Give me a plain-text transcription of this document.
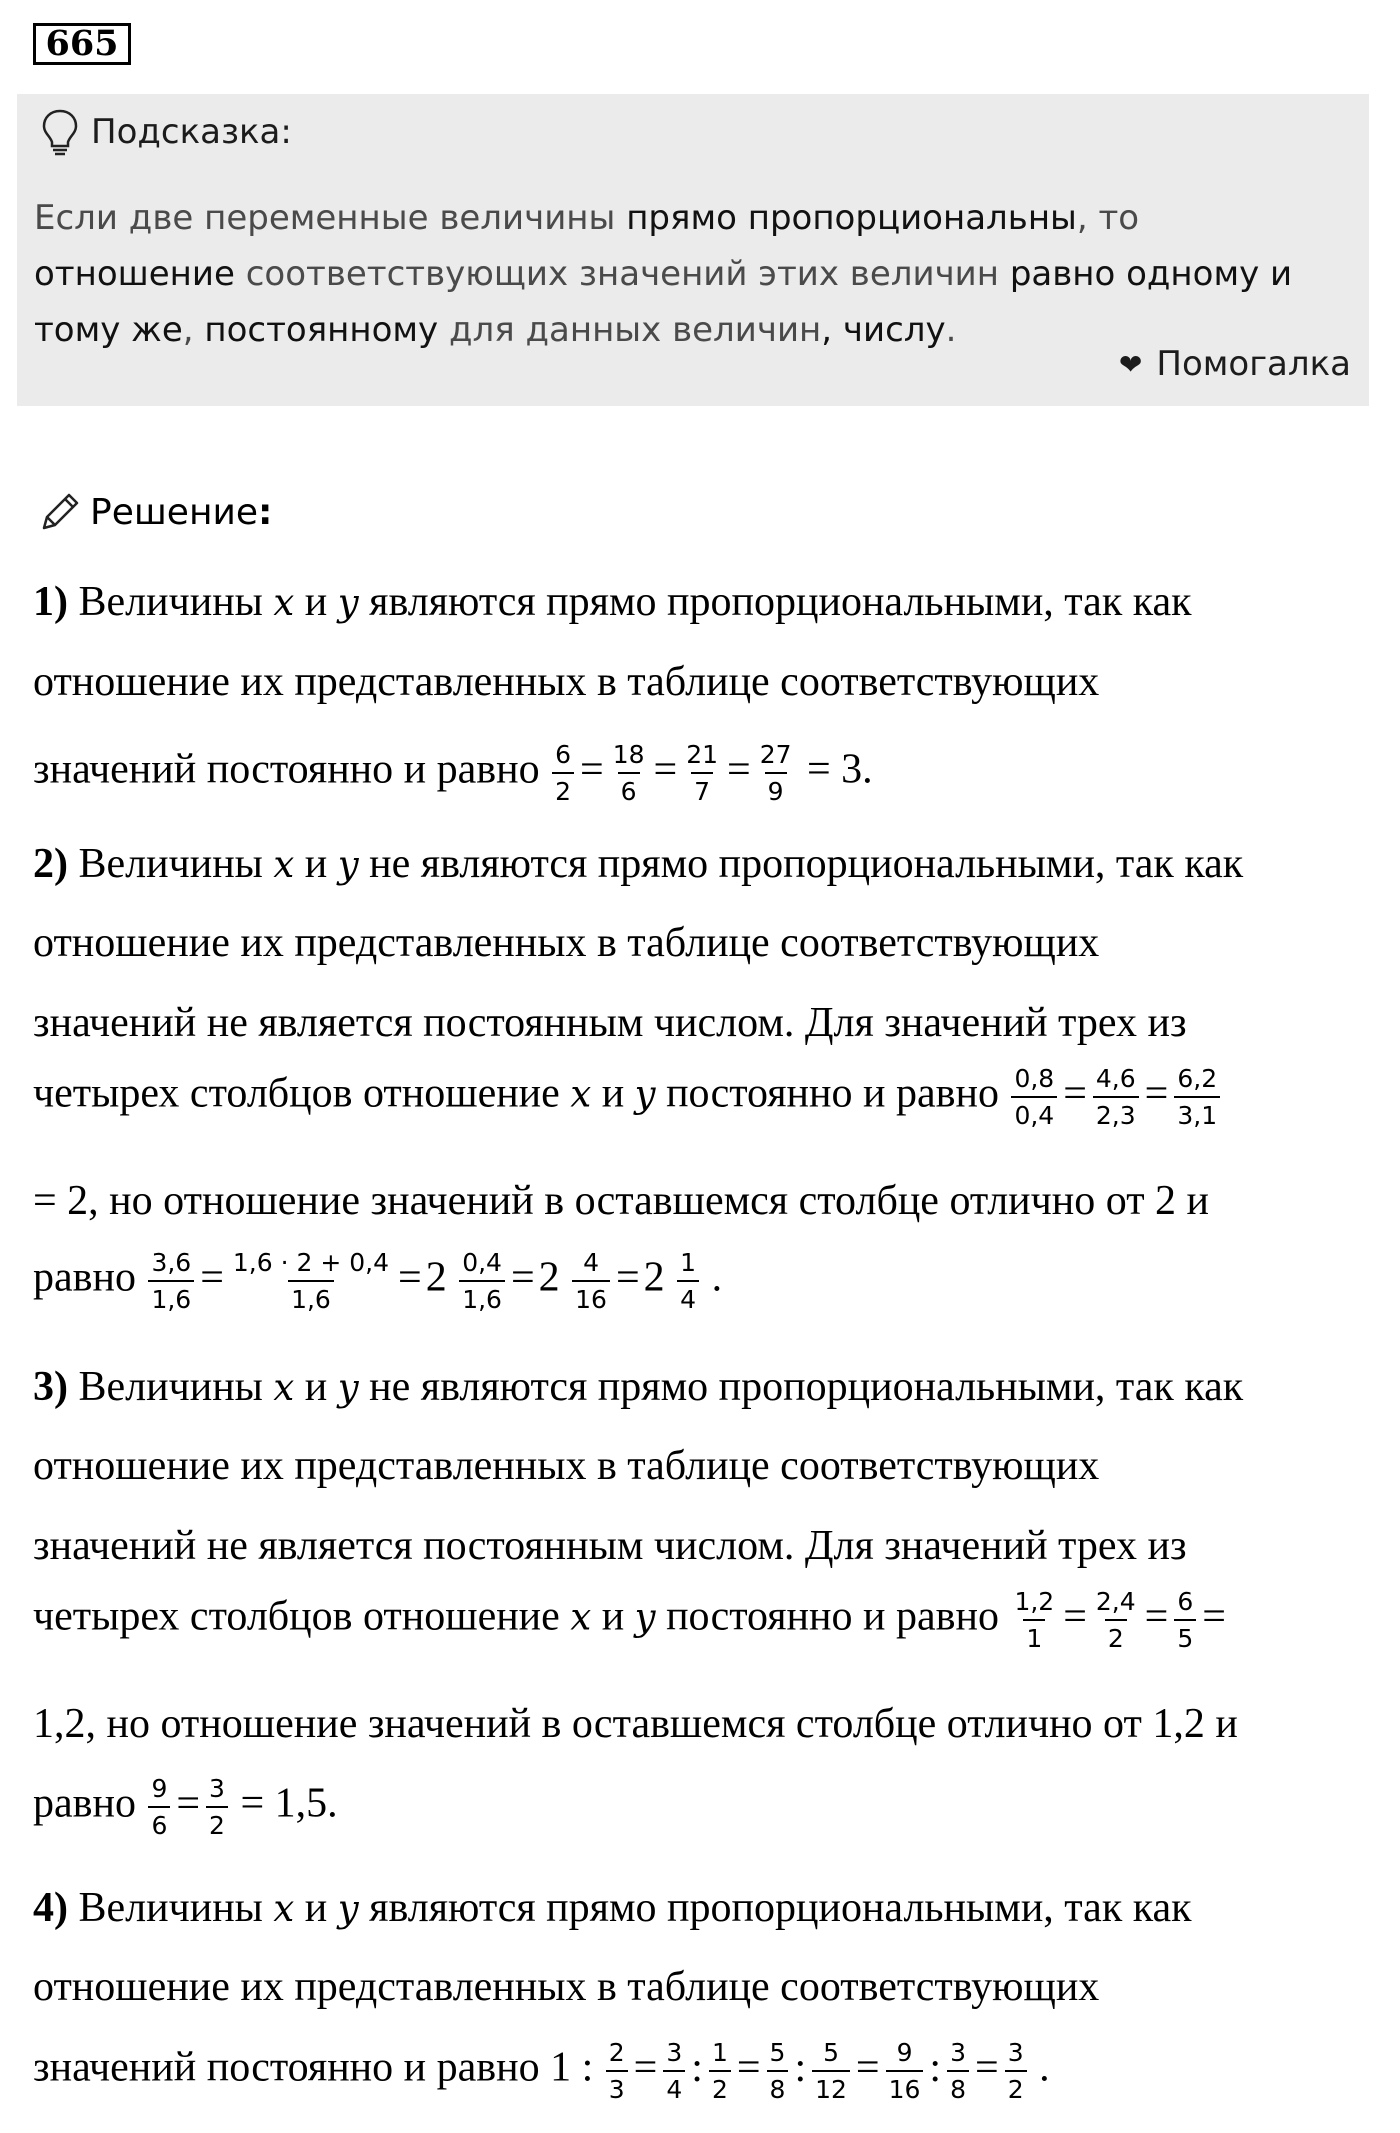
665
Подсказка:
Если две переменные величины прямо пропорциональны, то
отношение соответствующих значений этих величин равно одному и
тому же, постоянному для данных величин, числу.
❤ Помогалка
Решение :
1) Величины x и y являются прямо пропорциональными, так как
отношение их представленных в таблице соответствующих
значений постоянно и равно $\frac{6}{2} = \frac{18}{6} = \frac{21}{7} = \frac{27}{9} = 3$.
2) Величины x и y не являются прямо пропорциональными, так как
отношение их представленных в таблице соответствующих
значений не является постоянным числом. Для значений трех из
четырех столбцов отношение x и y постоянно и равно $\frac{0,8}{0,4} = \frac{4,6}{2,3} = \frac{6,2}{3,1}$
= 2, но отношение значений в оставшемся столбце отлично от 2 и
равно $\frac{3,6}{1,6} = \frac{1,6 \cdot 2 + 0,4}{1,6} =2 \frac{0,4}{1,6} =2 \frac{4}{16} =2 \frac{1}{4}$ .
3) Величины x и y не являются прямо пропорциональными, так как
отношение их представленных в таблице соответствующих
значений не является постоянным числом. Для значений трех из
четырех столбцов отношение x и y постоянно и равно $\frac{1,2}{1} = \frac{2,4}{2} = \frac{6}{5}$ =
1,2, но отношение значений в оставшемся столбце отлично от 1,2 и
равно $\frac{9}{6} = \frac{3}{2} = 1,5$.
4) Величины x и y являются прямо пропорциональными, так как
отношение их представленных в таблице соответствующих
значений постоянно и равно 1 : $\frac{2}{3} = \frac{3}{4}$ : $\frac{1}{2} = \frac{5}{8}$ : $\frac{5}{12} = \frac{9}{16}$ : $\frac{3}{8} = \frac{3}{2}$ .
